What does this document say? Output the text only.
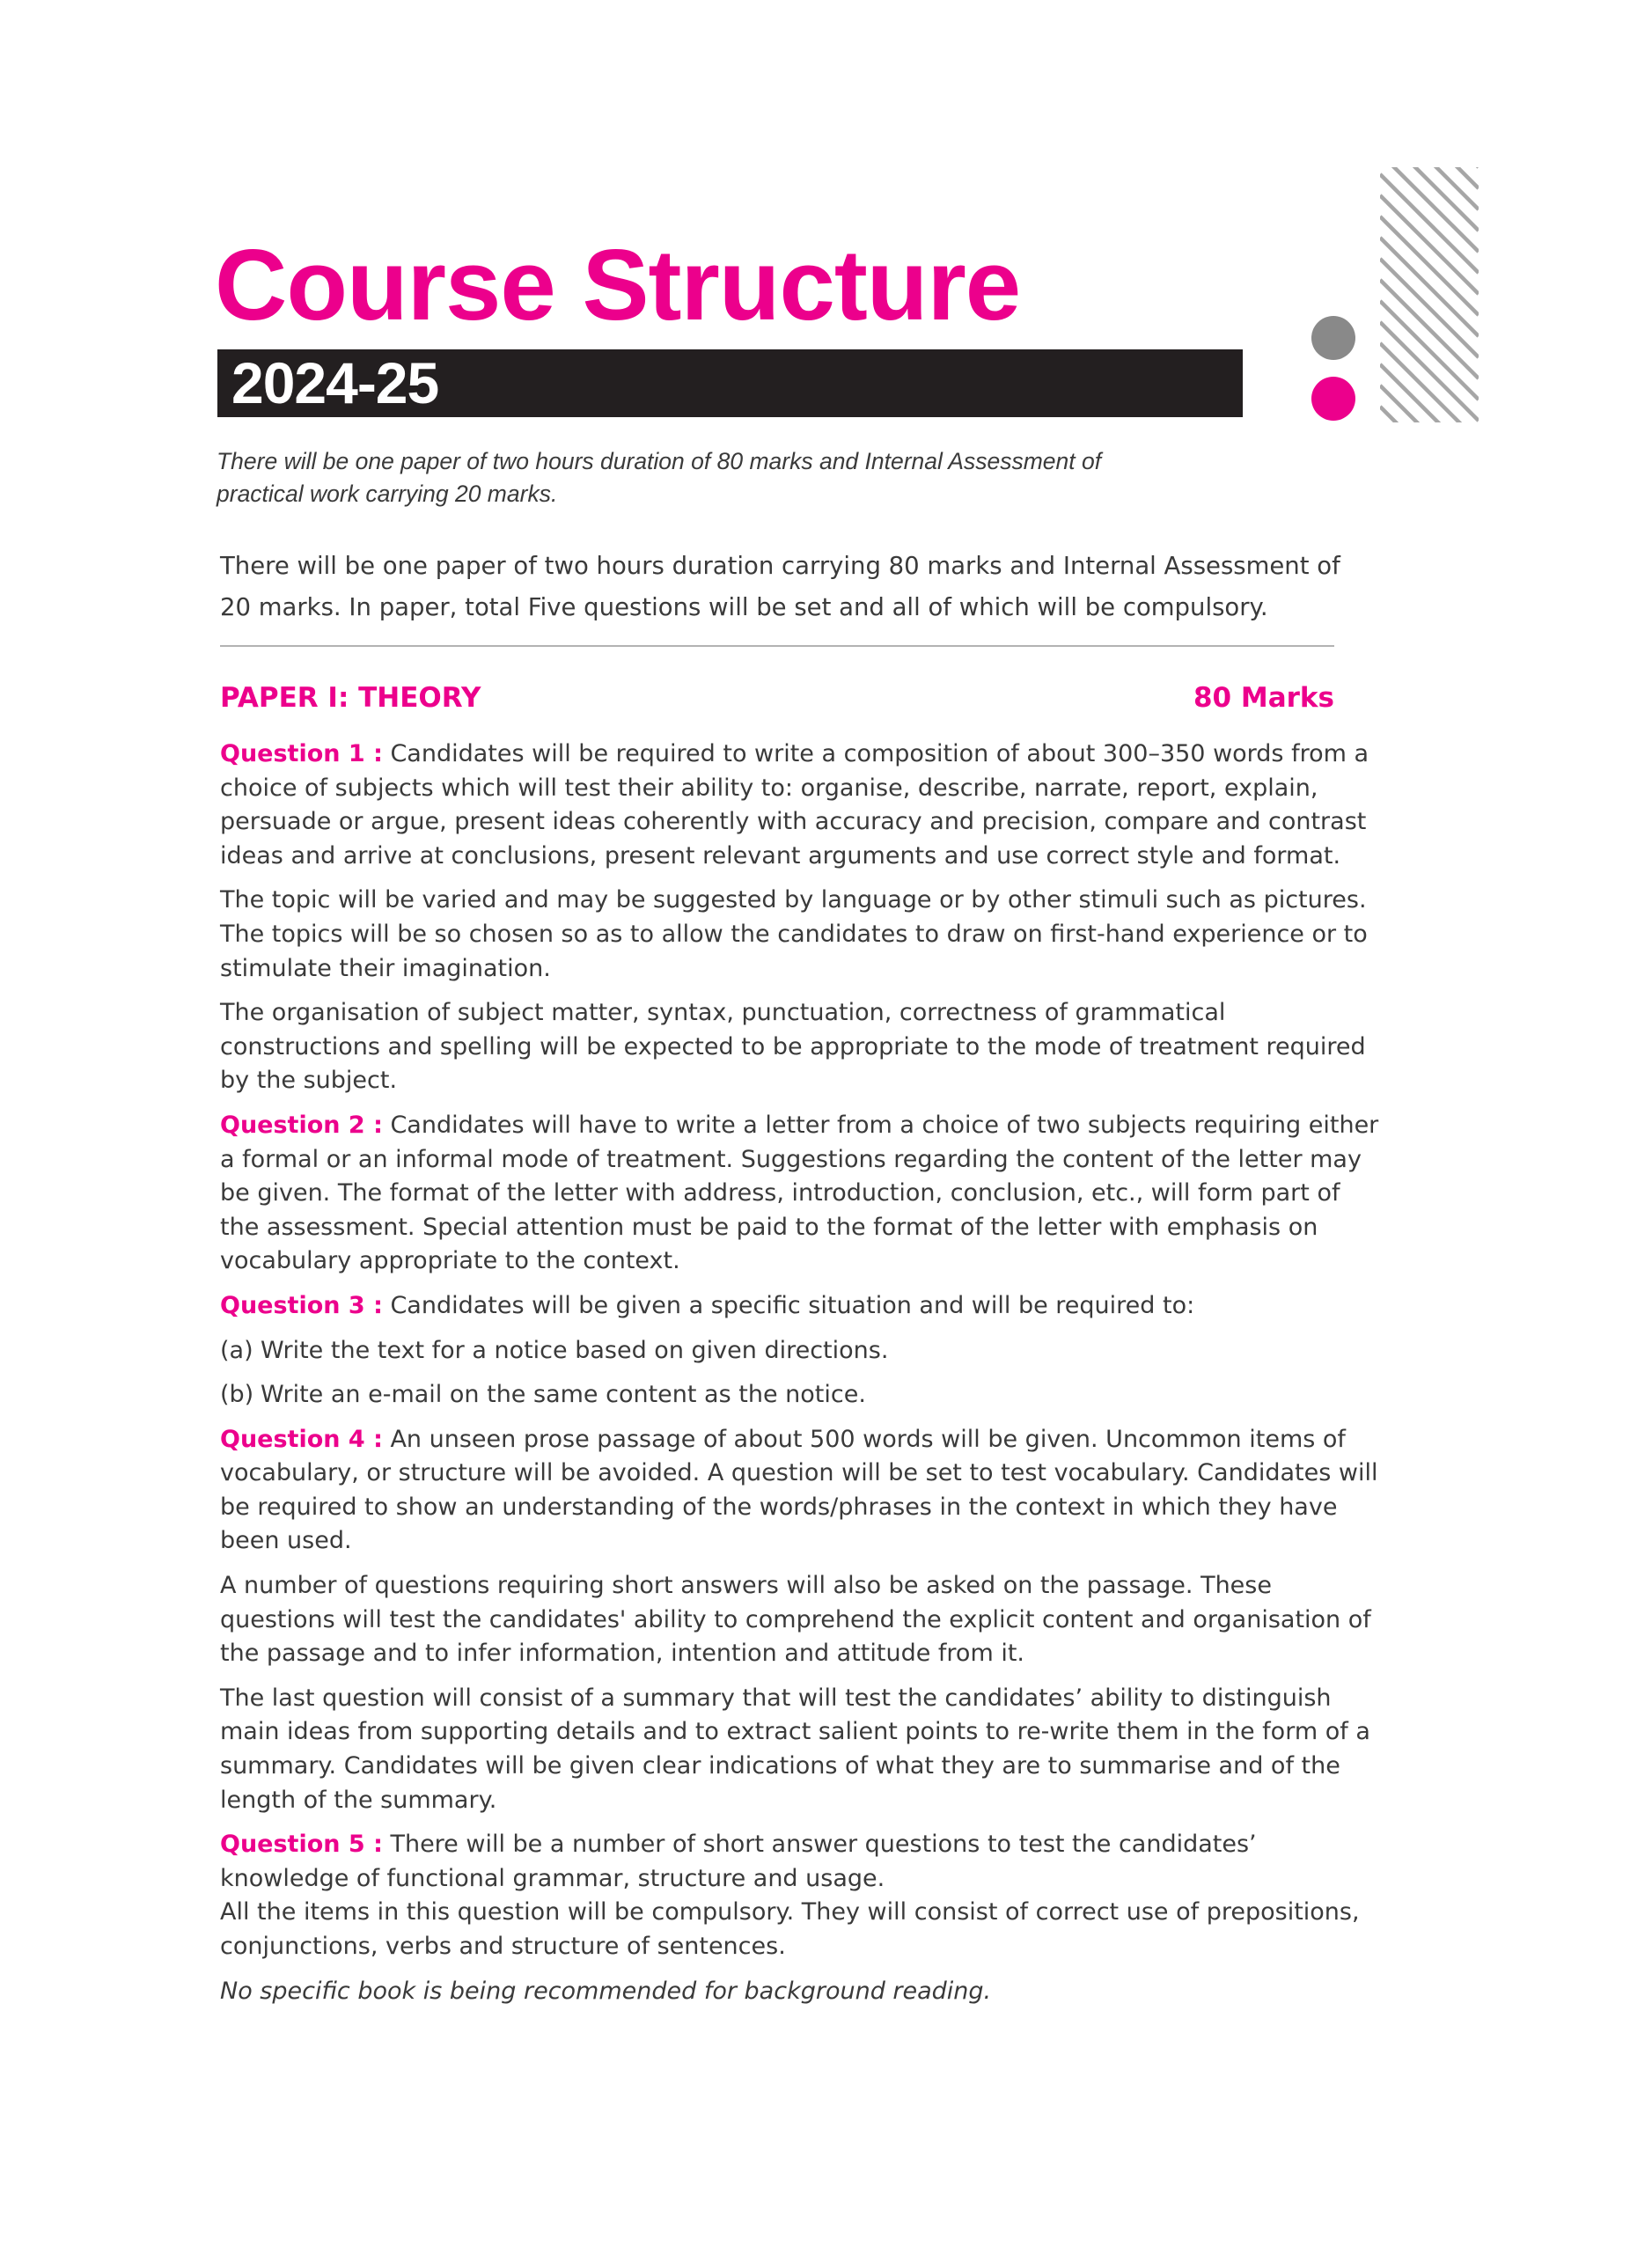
Course Structure
2024-25
There will be one paper of two hours duration of 80 marks and Internal Assessment of practical work carrying 20 marks.
There will be one paper of two hours duration carrying 80 marks and Internal Assessment of
20 marks. In paper, total Five questions will be set and all of which will be compulsory.
PAPER I: THEORY	80 Marks

Question 1 : Candidates will be required to write a composition of about 300–350 words from a choice of subjects which will test their ability to: organise, describe, narrate, report, explain, persuade or argue, present ideas coherently with accuracy and precision, compare and contrast ideas and arrive at conclusions, present relevant arguments and use correct style and format.

The topic will be varied and may be suggested by language or by other stimuli such as pictures. The topics will be so chosen so as to allow the candidates to draw on first-hand experience or to stimulate their imagination.

The organisation of subject matter, syntax, punctuation, correctness of grammatical constructions and spelling will be expected to be appropriate to the mode of treatment required by the subject.

Question 2 : Candidates will have to write a letter from a choice of two subjects requiring either a formal or an informal mode of treatment. Suggestions regarding the content of the letter may be given. The format of the letter with address, introduction, conclusion, etc., will form part of the assessment. Special attention must be paid to the format of the letter with emphasis on vocabulary appropriate to the context.

Question 3 : Candidates will be given a specific situation and will be required to:

(a) Write the text for a notice based on given directions.
(b) Write an e-mail on the same content as the notice.

Question 4 : An unseen prose passage of about 500 words will be given. Uncommon items of vocabulary, or structure will be avoided. A question will be set to test vocabulary. Candidates will be required to show an understanding of the words/phrases in the context in which they have been used.

A number of questions requiring short answers will also be asked on the passage. These questions will test the candidates' ability to comprehend the explicit content and organisation of the passage and to infer information, intention and attitude from it.

The last question will consist of a summary that will test the candidates’ ability to distinguish main ideas from supporting details and to extract salient points to re-write them in the form of a summary. Candidates will be given clear indications of what they are to summarise and of the length of the summary.

Question 5 : There will be a number of short answer questions to test the candidates’ knowledge of functional grammar, structure and usage.

All the items in this question will be compulsory. They will consist of correct use of prepositions, conjunctions, verbs and structure of sentences.

No specific book is being recommended for background reading.
